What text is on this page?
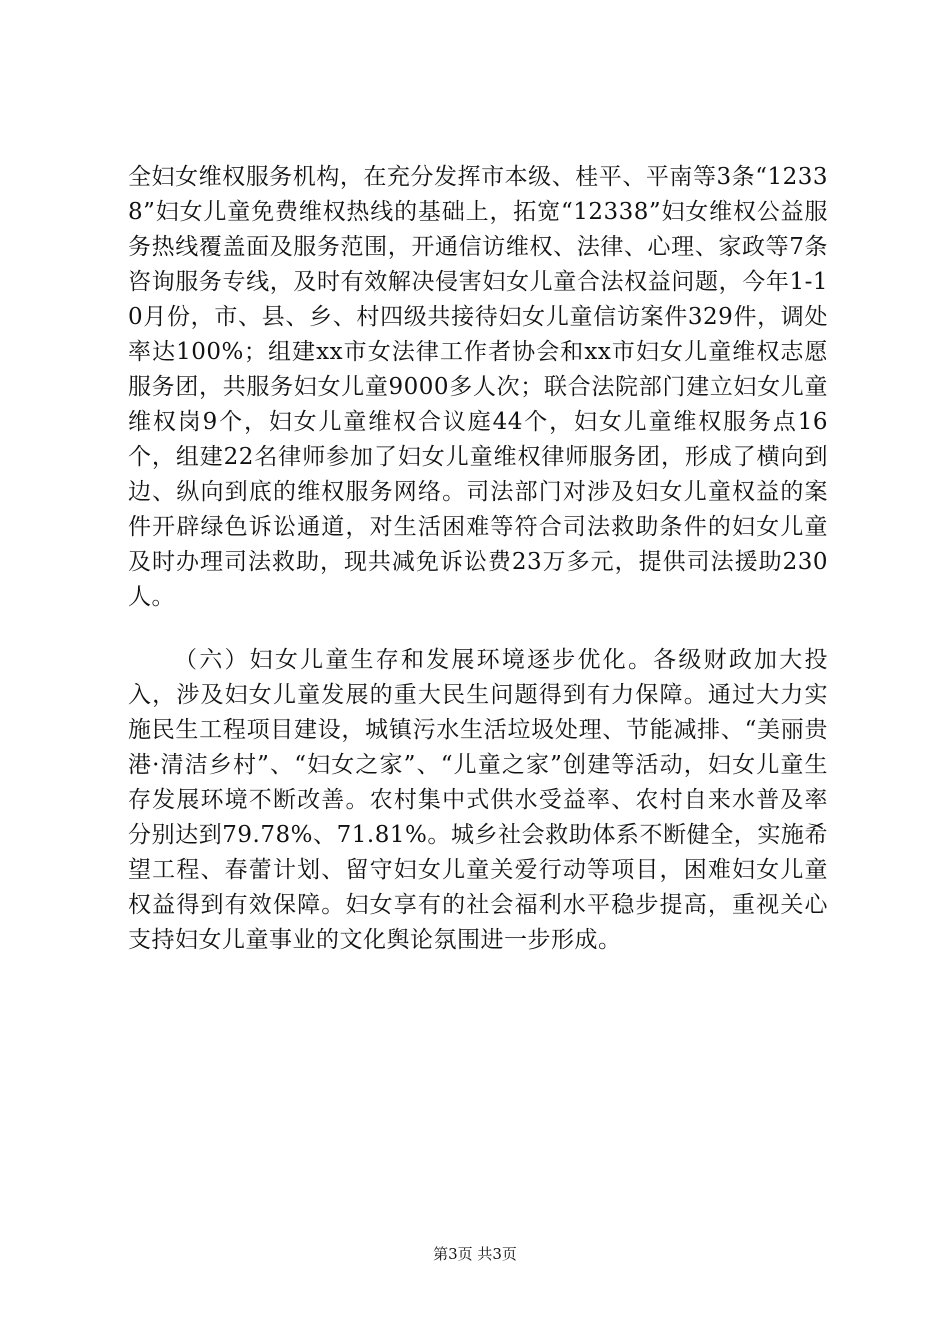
全妇女维权服务机构，在充分发挥市本级、桂平、平南等3条“12338”妇女儿童免费维权热线的基础上，拓宽“12338”妇女维权公益服务热线覆盖面及服务范围，开通信访维权、法律、心理、家政等7条咨询服务专线，及时有效解决侵害妇女儿童合法权益问题，今年1-10月份，市、县、乡、村四级共接待妇女儿童信访案件329件，调处率达100%；组建xx市女法律工作者协会和xx市妇女儿童维权志愿服务团，共服务妇女儿童9000多人次；联合法院部门建立妇女儿童维权岗9个，妇女儿童维权合议庭44个，妇女儿童维权服务点16个，组建22名律师参加了妇女儿童维权律师服务团，形成了横向到边、纵向到底的维权服务网络。司法部门对涉及妇女儿童权益的案件开辟绿色诉讼通道，对生活困难等符合司法救助条件的妇女儿童及时办理司法救助，现共减免诉讼费23万多元，提供司法援助230人。

（六）妇女儿童生存和发展环境逐步优化。各级财政加大投入，涉及妇女儿童发展的重大民生问题得到有力保障。通过大力实施民生工程项目建设，城镇污水生活垃圾处理、节能减排、“美丽贵港·清洁乡村”、“妇女之家”、“儿童之家”创建等活动，妇女儿童生存发展环境不断改善。农村集中式供水受益率、农村自来水普及率分别达到79.78%、71.81%。城乡社会救助体系不断健全，实施希望工程、春蕾计划、留守妇女儿童关爱行动等项目，困难妇女儿童权益得到有效保障。妇女享有的社会福利水平稳步提高，重视关心支持妇女儿童事业的文化舆论氛围进一步形成。

第3页 共3页
